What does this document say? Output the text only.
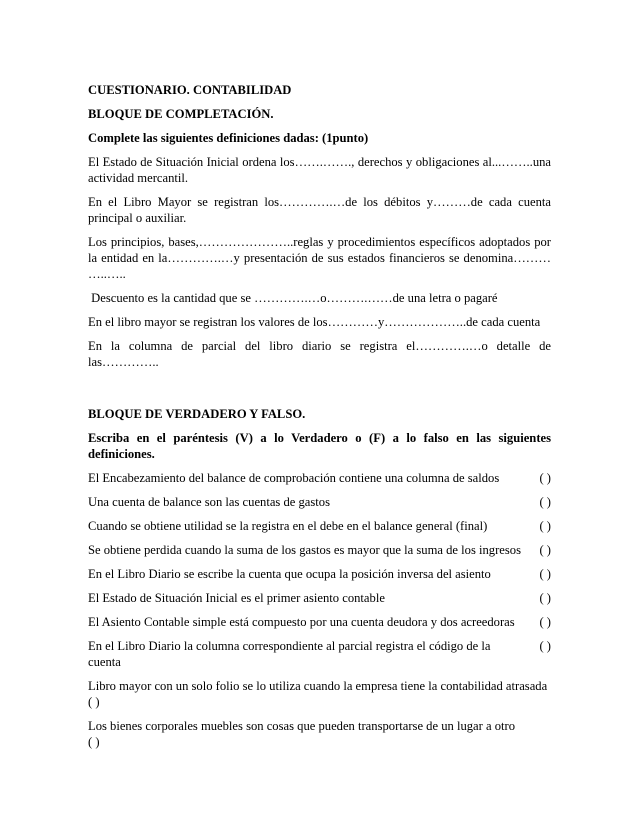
CUESTIONARIO. CONTABILIDAD

BLOQUE DE COMPLETACIÓN.

Complete las siguientes definiciones dadas: (1punto)

El Estado de Situación Inicial ordena los…….……., derechos y obligaciones al...……..una actividad mercantil.

En el Libro Mayor se registran los………….…de los débitos y………de cada cuenta principal o auxiliar.

Los principios, bases,…………………..reglas y procedimientos específicos adoptados por la entidad en la………….…y presentación de sus estados financieros se denomina……… …..…..

Descuento es la cantidad que se ………….…o……….……de una letra o pagaré

En el libro mayor se registran los valores de los…………y………………..de cada cuenta

En la columna de parcial del libro diario se registra el………….…o detalle de las…………..

BLOQUE DE VERDADERO Y FALSO.

Escriba en el paréntesis (V) a lo Verdadero o (F) a lo falso en las siguientes definiciones.

El Encabezamiento del balance de comprobación contiene una columna de saldos	( )
Una cuenta de balance son las cuentas de gastos	( )
Cuando se obtiene utilidad se la registra en el debe en el balance general (final)	( )
Se obtiene perdida cuando la suma de los gastos es mayor que la suma de los ingresos	( )
En el Libro Diario se escribe la cuenta que ocupa la posición inversa del asiento	( )
El Estado de Situación Inicial es el primer asiento contable	( )
El Asiento Contable simple está compuesto por una cuenta deudora y dos acreedoras	( )
En el Libro Diario la columna correspondiente al parcial registra el código de la cuenta
( )

Libro mayor con un solo folio se lo utiliza cuando la empresa tiene la contabilidad atrasada
( )

Los bienes corporales muebles son cosas que pueden transportarse de un lugar a otro
( )
